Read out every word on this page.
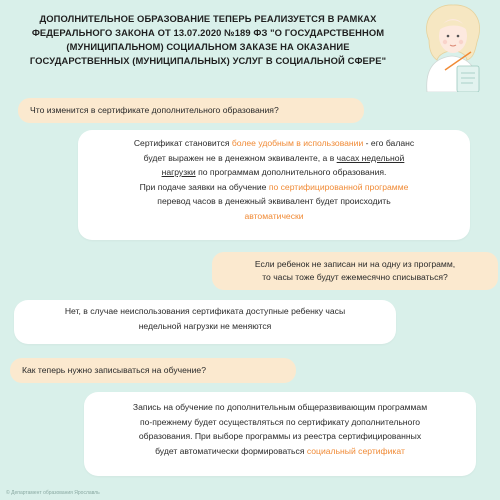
ДОПОЛНИТЕЛЬНОЕ ОБРАЗОВАНИЕ ТЕПЕРЬ РЕАЛИЗУЕТСЯ В РАМКАХ
ФЕДЕРАЛЬНОГО ЗАКОНА ОТ 13.07.2020 №189 ФЗ "О ГОСУДАРСТВЕННОМ
(МУНИЦИПАЛЬНОМ) СОЦИАЛЬНОМ ЗАКАЗЕ НА ОКАЗАНИЕ
ГОСУДАРСТВЕННЫХ (МУНИЦИПАЛЬНЫХ) УСЛУГ В СОЦИАЛЬНОЙ СФЕРЕ"
Что изменится в сертификате дополнительного образования?
Сертификат становится более удобным в использовании - его баланс
будет выражен не в денежном эквиваленте, а в часах недельной
нагрузки по программам дополнительного образования.
При подаче заявки на обучение по сертифицированной программе
перевод часов в денежный эквивалент будет происходить
автоматически
Если ребенок не записан ни на одну из программ,
то часы тоже будут ежемесячно списываться?
Нет, в случае неиспользования сертификата доступные ребенку часы
недельной нагрузки не меняются
Как теперь нужно записываться на обучение?
Запись на обучение по дополнительным общеразвивающим программам
по-прежнему будет осуществляться по сертификату дополнительного
образования. При выборе программы из реестра сертифицированных
будет автоматически формироваться социальный сертификат
© Департамент образования Ярославль
